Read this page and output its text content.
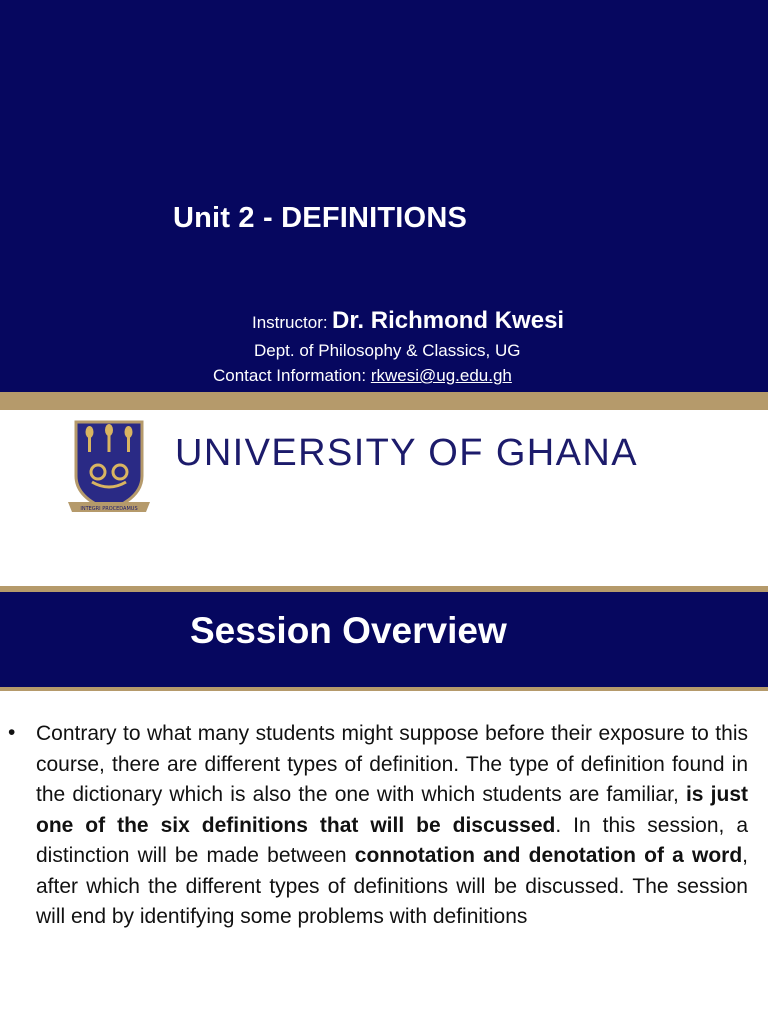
Unit 2 - DEFINITIONS
Instructor: Dr. Richmond Kwesi
Dept. of Philosophy & Classics, UG
Contact Information: rkwesi@ug.edu.gh
INTEGRI PROCEDAMUS
UNIVERSITY OF GHANA
Session Overview
• Contrary to what many students might suppose before their exposure to this course, there are different types of definition. The type of definition found in the dictionary which is also the one with which students are familiar, is just one of the six definitions that will be discussed. In this session, a distinction will be made between connotation and denotation of a word, after which the different types of definitions will be discussed. The session will end by identifying some problems with definitions
